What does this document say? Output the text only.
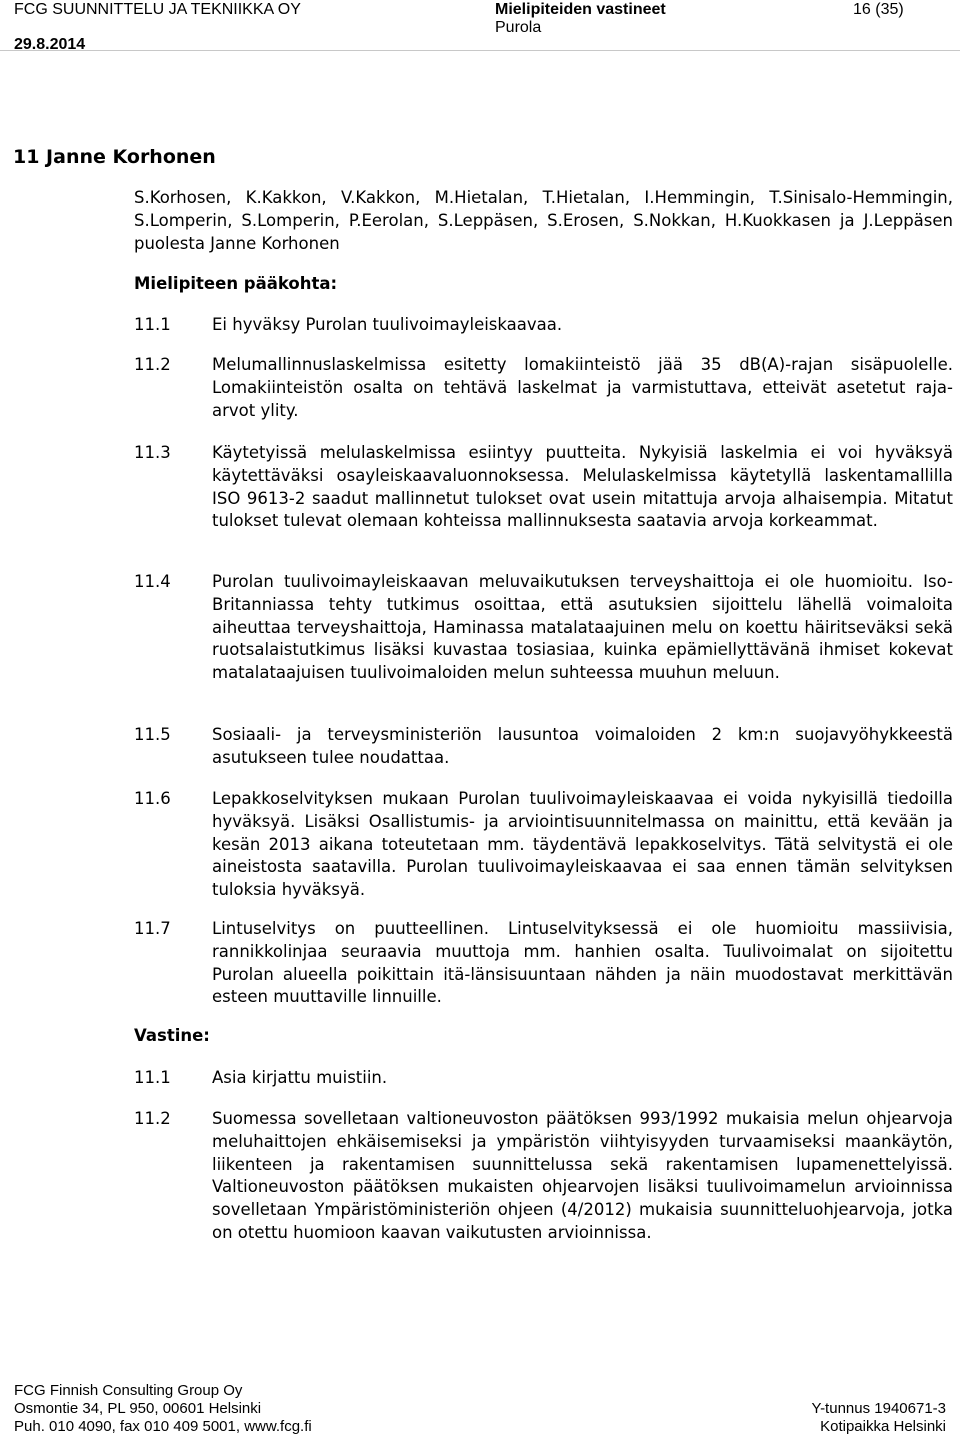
FCG SUUNNITTELU JA TEKNIIKKA OY
29.8.2014
Mielipiteiden vastineet
Purola
16 (35)
11 Janne Korhonen
S.Korhosen, K.Kakkon, V.Kakkon, M.Hietalan, T.Hietalan, I.Hemmingin, T.Sinisalo-Hemmingin, S.Lomperin, S.Lomperin, P.Eerolan, S.Leppäsen, S.Erosen, S.Nokkan, H.Kuokkasen ja J.Leppäsen puolesta Janne Korhonen
Mielipiteen pääkohta:
11.1	Ei hyväksy Purolan tuulivoimayleiskaavaa.
11.2	Melumallinnuslaskelmissa esitetty lomakiinteistö jää 35 dB(A)-rajan sisäpuolelle. Lomakiinteistön osalta on tehtävä laskelmat ja varmistuttava, etteivät asetetut raja-arvot ylity.
11.3	Käytetyissä melulaskelmissa esiintyy puutteita. Nykyisiä laskelmia ei voi hyväksyä käytettäväksi osayleiskaavaluonnoksessa. Melulaskelmissa käytetyllä laskentamallilla ISO 9613-2 saadut mallinnetut tulokset ovat usein mitattuja arvoja alhaisempia. Mitatut tulokset tulevat olemaan kohteissa mallinnuksesta saatavia arvoja korkeammat.
11.4	Purolan tuulivoimayleiskaavan meluvaikutuksen terveyshaittoja ei ole huomioitu. Iso-Britanniassa tehty tutkimus osoittaa, että asutuksien sijoittelu lähellä voimaloita aiheuttaa terveyshaittoja, Haminassa matalataajuinen melu on koettu häiritseväksi sekä ruotsalaistutkimus lisäksi kuvastaa tosiasiaa, kuinka epämiellyttävänä ihmiset kokevat matalataajuisen tuulivoimaloiden melun suhteessa muuhun meluun.
11.5	Sosiaali- ja terveysministeriön lausuntoa voimaloiden 2 km:n suojavyöhykkeestä asutukseen tulee noudattaa.
11.6	Lepakkoselvityksen mukaan Purolan tuulivoimayleiskaavaa ei voida nykyisillä tiedoilla hyväksyä. Lisäksi Osallistumis- ja arviointisuunnitelmassa on mainittu, että kevään ja kesän 2013 aikana toteutetaan mm. täydentävä lepakkoselvitys. Tätä selvitystä ei ole aineistosta saatavilla. Purolan tuulivoimayleiskaavaa ei saa ennen tämän selvityksen tuloksia hyväksyä.
11.7	Lintuselvitys on puutteellinen. Lintuselvityksessä ei ole huomioitu massiivisia, rannikkolinjaa seuraavia muuttoja mm. hanhien osalta. Tuulivoimalat on sijoitettu Purolan alueella poikittain itä-länsisuuntaan nähden ja näin muodostavat merkittävän esteen muuttaville linnuille.
Vastine:
11.1	Asia kirjattu muistiin.
11.2	Suomessa sovelletaan valtioneuvoston päätöksen 993/1992 mukaisia melun ohjearvoja meluhaittojen ehkäisemiseksi ja ympäristön viihtyisyyden turvaamiseksi maankäytön, liikenteen ja rakentamisen suunnittelussa sekä rakentamisen lupamenettelyissä. Valtioneuvoston päätöksen mukaisten ohjearvojen lisäksi tuulivoimamelun arvioinnissa sovelletaan Ympäristöministeriön ohjeen (4/2012) mukaisia suunnitteluohjearvoja, jotka on otettu huomioon kaavan vaikutusten arvioinnissa.
FCG Finnish Consulting Group Oy
Osmontie 34, PL 950, 00601 Helsinki
Puh. 010 4090, fax 010 409 5001, www.fcg.fi
Y-tunnus 1940671-3
Kotipaikka Helsinki
